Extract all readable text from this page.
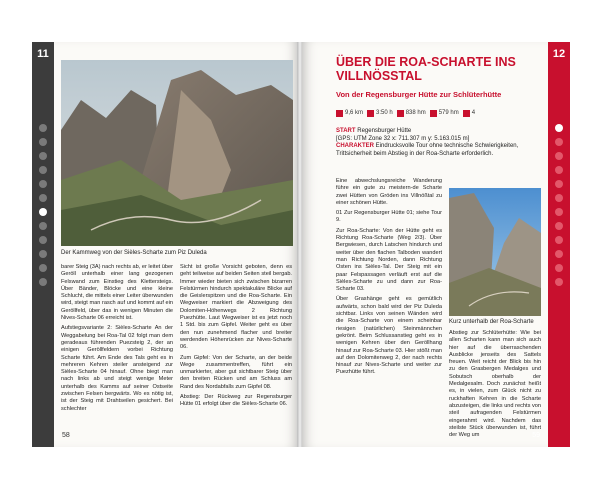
11
Der Kammweg von der Sièles-Scharte zum Piz Duleda

barer Steig (3A) nach rechts ab, er leitet über Geröll unterhalb einer lang gezogenen Felswand zum Einstieg des Klettersteigs. Über Bänder, Blöcke und eine kleine Schlucht, die mittels einer Leiter überwunden wird, steigt man rasch auf und kommt auf ein Geröllfeld, über das in wenigen Minuten die Nives-Scharte 06 erreicht ist.

Aufstiegsvariante 2: Sièles-Scharte An der Weggabelung bei Roa-Tal 02 folgt man dem geradeaus führenden Puezsteig 2, der an einigen Geröllfeldern vorbei Richtung Scharte führt. Am Ende des Tals geht es in mehreren Kehren steiler ansteigend zur Sièles-Scharte 04 hinauf. Ohne biegt man nach links ab und steigt wenige Meter unterhalb des Kamms auf seiner Ostseite zwischen Felsen bergwärts. Wo es nötig ist, ist der Steig mit Drahtseilen gesichert. Bei schlechter

Sicht ist große Vorsicht geboten, denn es geht teilweise auf beiden Seiten steil bergab. Immer wieder bieten sich zwischen bizarren Felstürmen hindurch spektakuläre Blicke auf die Geislerspitzen und die Roa-Scharte. Ein Wegweiser markiert die Abzweigung des Dolomiten-Höhenwegs 2 Richtung Puezhütte. Laut Wegweiser ist es jetzt noch 1 Std. bis zum Gipfel. Weiter geht es über den nun zunehmend flacher und breiter werdenden Höhenrücken zur Nives-Scharte 06.

Zum Gipfel: Von der Scharte, an der beide Wege zusammentreffen, führt ein unmarkierter, aber gut sichtbarer Steig über den breiten Rücken und am Schluss am Rand des Nordabfalls zum Gipfel 08.

Abstieg: Der Rückweg zur Regensburger Hütte 01 erfolgt über die Sièles-Scharte 06.

58
12
ÜBER DIE ROA-SCHARTE INS VILLNÖSSTAL
Von der Regensburger Hütte zur Schlüterhütte
9,6 km 3:50 h 838 hm 579 hm 4
START Regensburger Hütte
[GPS: UTM Zone 32 x: 711.307 m y: 5.163.015 m]
CHARAKTER Eindrucksvolle Tour ohne technische Schwierigkeiten, Trittsicherheit beim Abstieg in der Roa-Scharte erforderlich.

Eine abwechslungsreiche Wanderung führe ein gute zu meistern-de Scharte zwei Hütten von Gröden ins Villnößtal zu einer schönen Hütte.

01 Zur Regensburger Hütte 01; siehe Tour 9.

Zur Roa-Scharte: Von der Hütte geht es Richtung Roa-Scharte (Weg 2/3). Über Bergwiesen, durch Latschen hindurch und weiter über den flachen Talboden wandert man Richtung Norden, dann Richtung Osten ins Sièles-Tal. Der Steig mit ein paar Felspassagen verläuft erst auf die Sièles-Scharte zu und dann zur Roa-Scharte 03.

Über Grashänge geht es gemütlich aufwärts, schon bald wird der Piz Duleda sichtbar. Links von seinen Wänden wird die Roa-Scharte von einem scheinbar riesigen (natürlichen) Steinmännchen gekrönt. Beim Schlussanstieg geht es in wenigen Kehren über den Geröllhang hinauf zur Roa-Scharte 03. Hier stößt man auf den Dolomitenweg 2, der nach rechts hinauf zur Nives-Scharte und weiter zur Puezhütte führt.

Kurz unterhalb der Roa-Scharte

Abstieg zur Schlüterhütte: Wie bei allen Scharten kann man sich auch hier auf die überraschenden Ausblicke jenseits des Sattels freuen. Weit reicht der Blick bis hin zu den Grasbergen Medalges und Sobutsch oberhalb der Medalgesalm. Doch zunächst heißt es, in vielen, zum Glück nicht zu ruckhaften Kehren in die Scharte abzusteigen, die links und rechts von steil aufragenden Felstürmen eingerahmt wird. Nachdem das steilste Stück überwunden ist, führt der Weg um	59
